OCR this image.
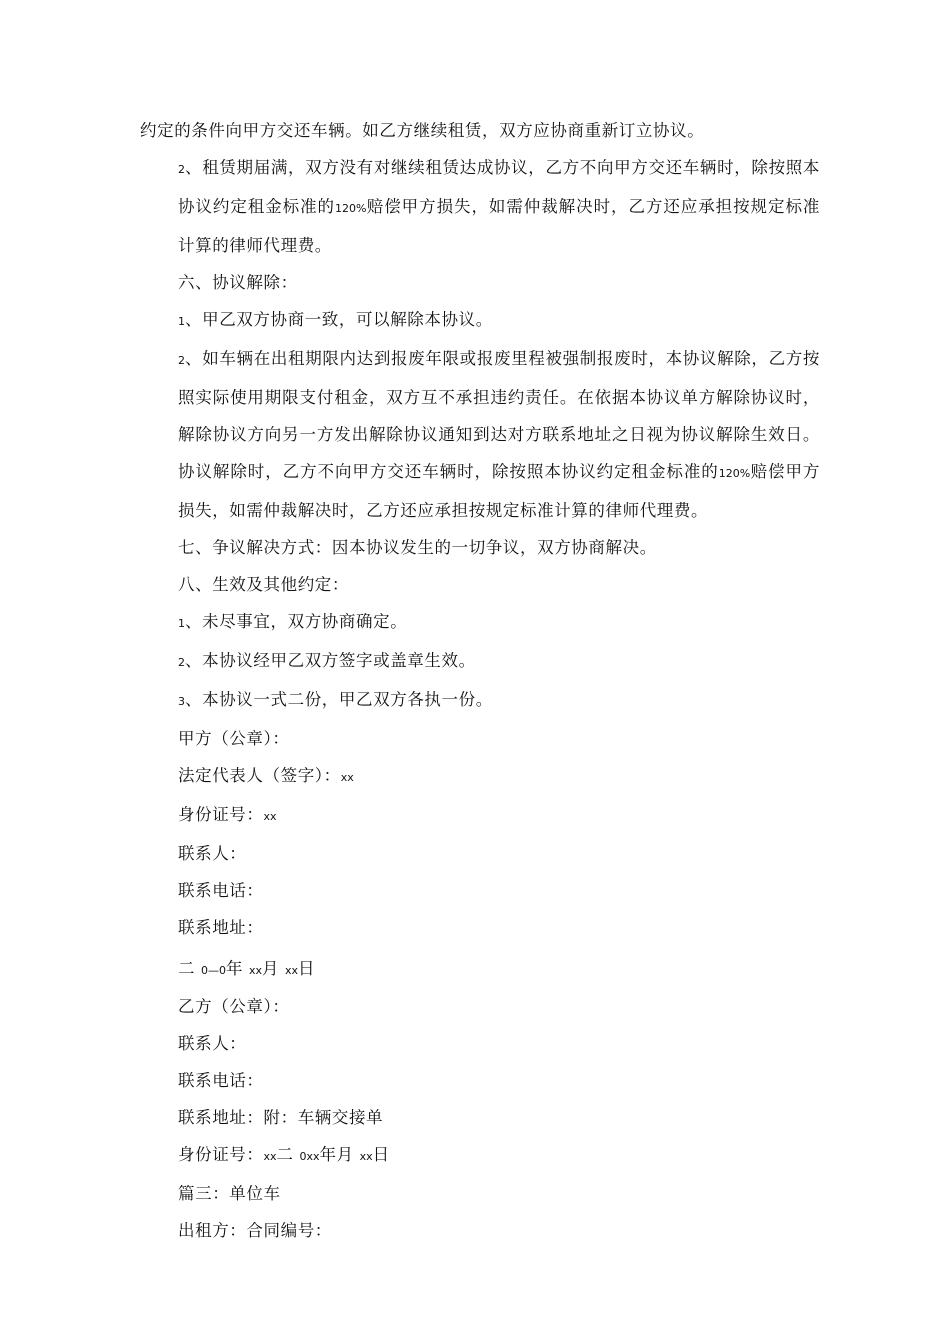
约定的条件向甲方交还车辆。如乙方继续租赁，双方应协商重新订立协议。

2、租赁期届满，双方没有对继续租赁达成协议，乙方不向甲方交还车辆时，除按照本协议约定租金标准的120%赔偿甲方损失，如需仲裁解决时，乙方还应承担按规定标准计算的律师代理费。

六、协议解除：

1、甲乙双方协商一致，可以解除本协议。

2、如车辆在出租期限内达到报废年限或报废里程被强制报废时，本协议解除，乙方按照实际使用期限支付租金，双方互不承担违约责任。在依据本协议单方解除协议时，解除协议方向另一方发出解除协议通知到达对方联系地址之日视为协议解除生效日。协议解除时，乙方不向甲方交还车辆时，除按照本协议约定租金标准的120%赔偿甲方损失，如需仲裁解决时，乙方还应承担按规定标准计算的律师代理费。

七、争议解决方式：因本协议发生的一切争议，双方协商解决。

八、生效及其他约定：

1、未尽事宜，双方协商确定。

2、本协议经甲乙双方签字或盖章生效。

3、本协议一式二份，甲乙双方各执一份。

甲方（公章）：

法定代表人（签字）：xx

身份证号：xx

联系人：

联系电话：

联系地址：

二 0—0年 xx月 xx日

乙方（公章）：

联系人：

联系电话：

联系地址：附：车辆交接单

身份证号：xx二 0xx年月 xx日

篇三：单位车

出租方：合同编号：
